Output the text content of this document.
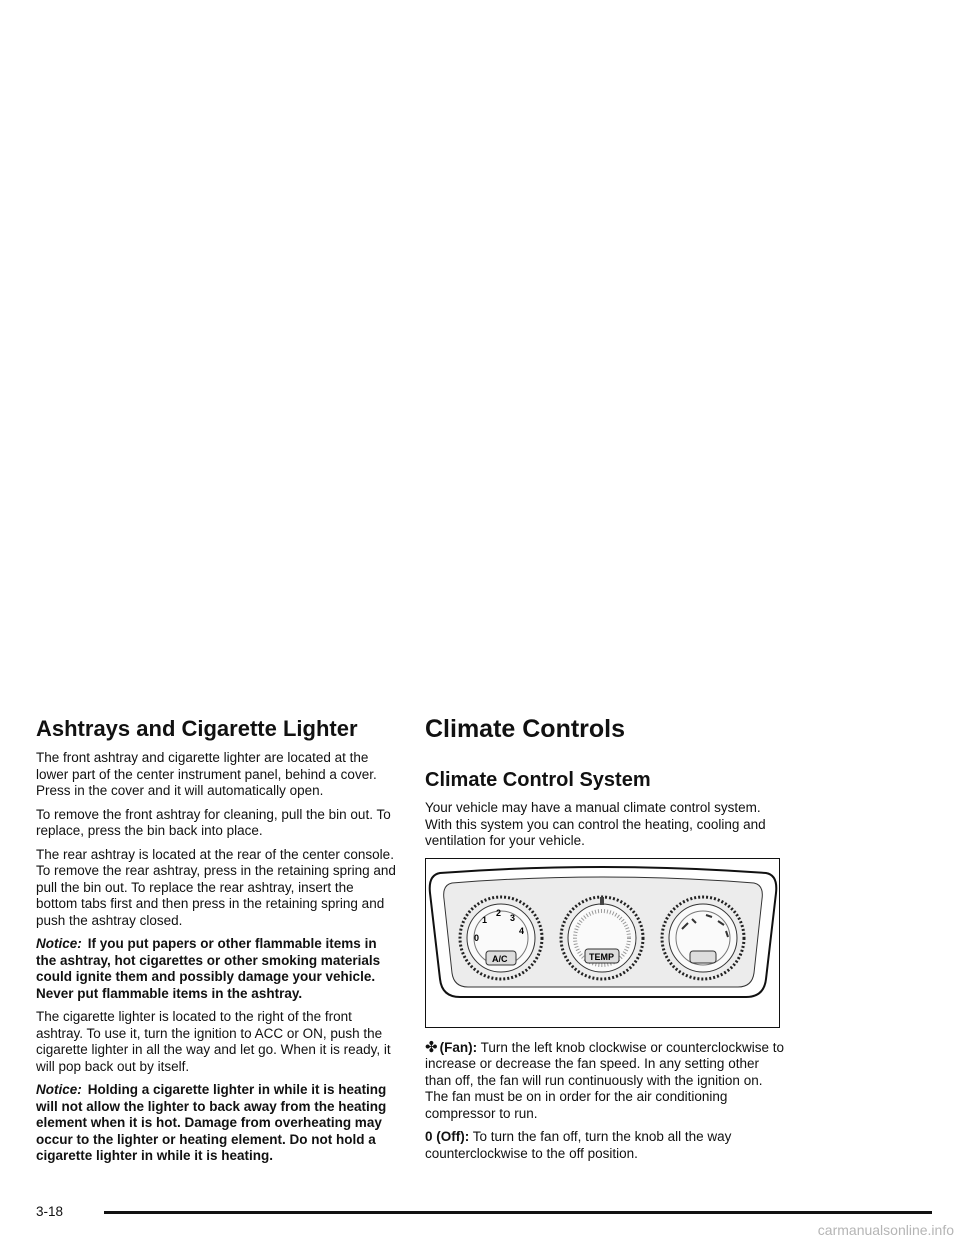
Ashtrays and Cigarette Lighter

The front ashtray and cigarette lighter are located at the lower part of the center instrument panel, behind a cover. Press in the cover and it will automatically open.

To remove the front ashtray for cleaning, pull the bin out. To replace, press the bin back into place.

The rear ashtray is located at the rear of the center console. To remove the rear ashtray, press in the retaining spring and pull the bin out. To replace the rear ashtray, insert the bottom tabs first and then press in the retaining spring and push the ashtray closed.

Notice: If you put papers or other flammable items in the ashtray, hot cigarettes or other smoking materials could ignite them and possibly damage your vehicle. Never put flammable items in the ashtray.

The cigarette lighter is located to the right of the front ashtray. To use it, turn the ignition to ACC or ON, push the cigarette lighter in all the way and let go. When it is ready, it will pop back out by itself.

Notice: Holding a cigarette lighter in while it is heating will not allow the lighter to back away from the heating element when it is hot. Damage from overheating may occur to the lighter or heating element. Do not hold a cigarette lighter in while it is heating.

Climate Controls
Climate Control System

Your vehicle may have a manual climate control system. With this system you can control the heating, cooling and ventilation for your vehicle.

0
1
2 3
4
A/C	TEMP

✤ (Fan): Turn the left knob clockwise or counterclockwise to increase or decrease the fan speed. In any setting other than off, the fan will run continuously with the ignition on. The fan must be on in order for the air conditioning compressor to run.

0 (Off): To turn the fan off, turn the knob all the way counterclockwise to the off position.

3-18
carmanualsonline.info
